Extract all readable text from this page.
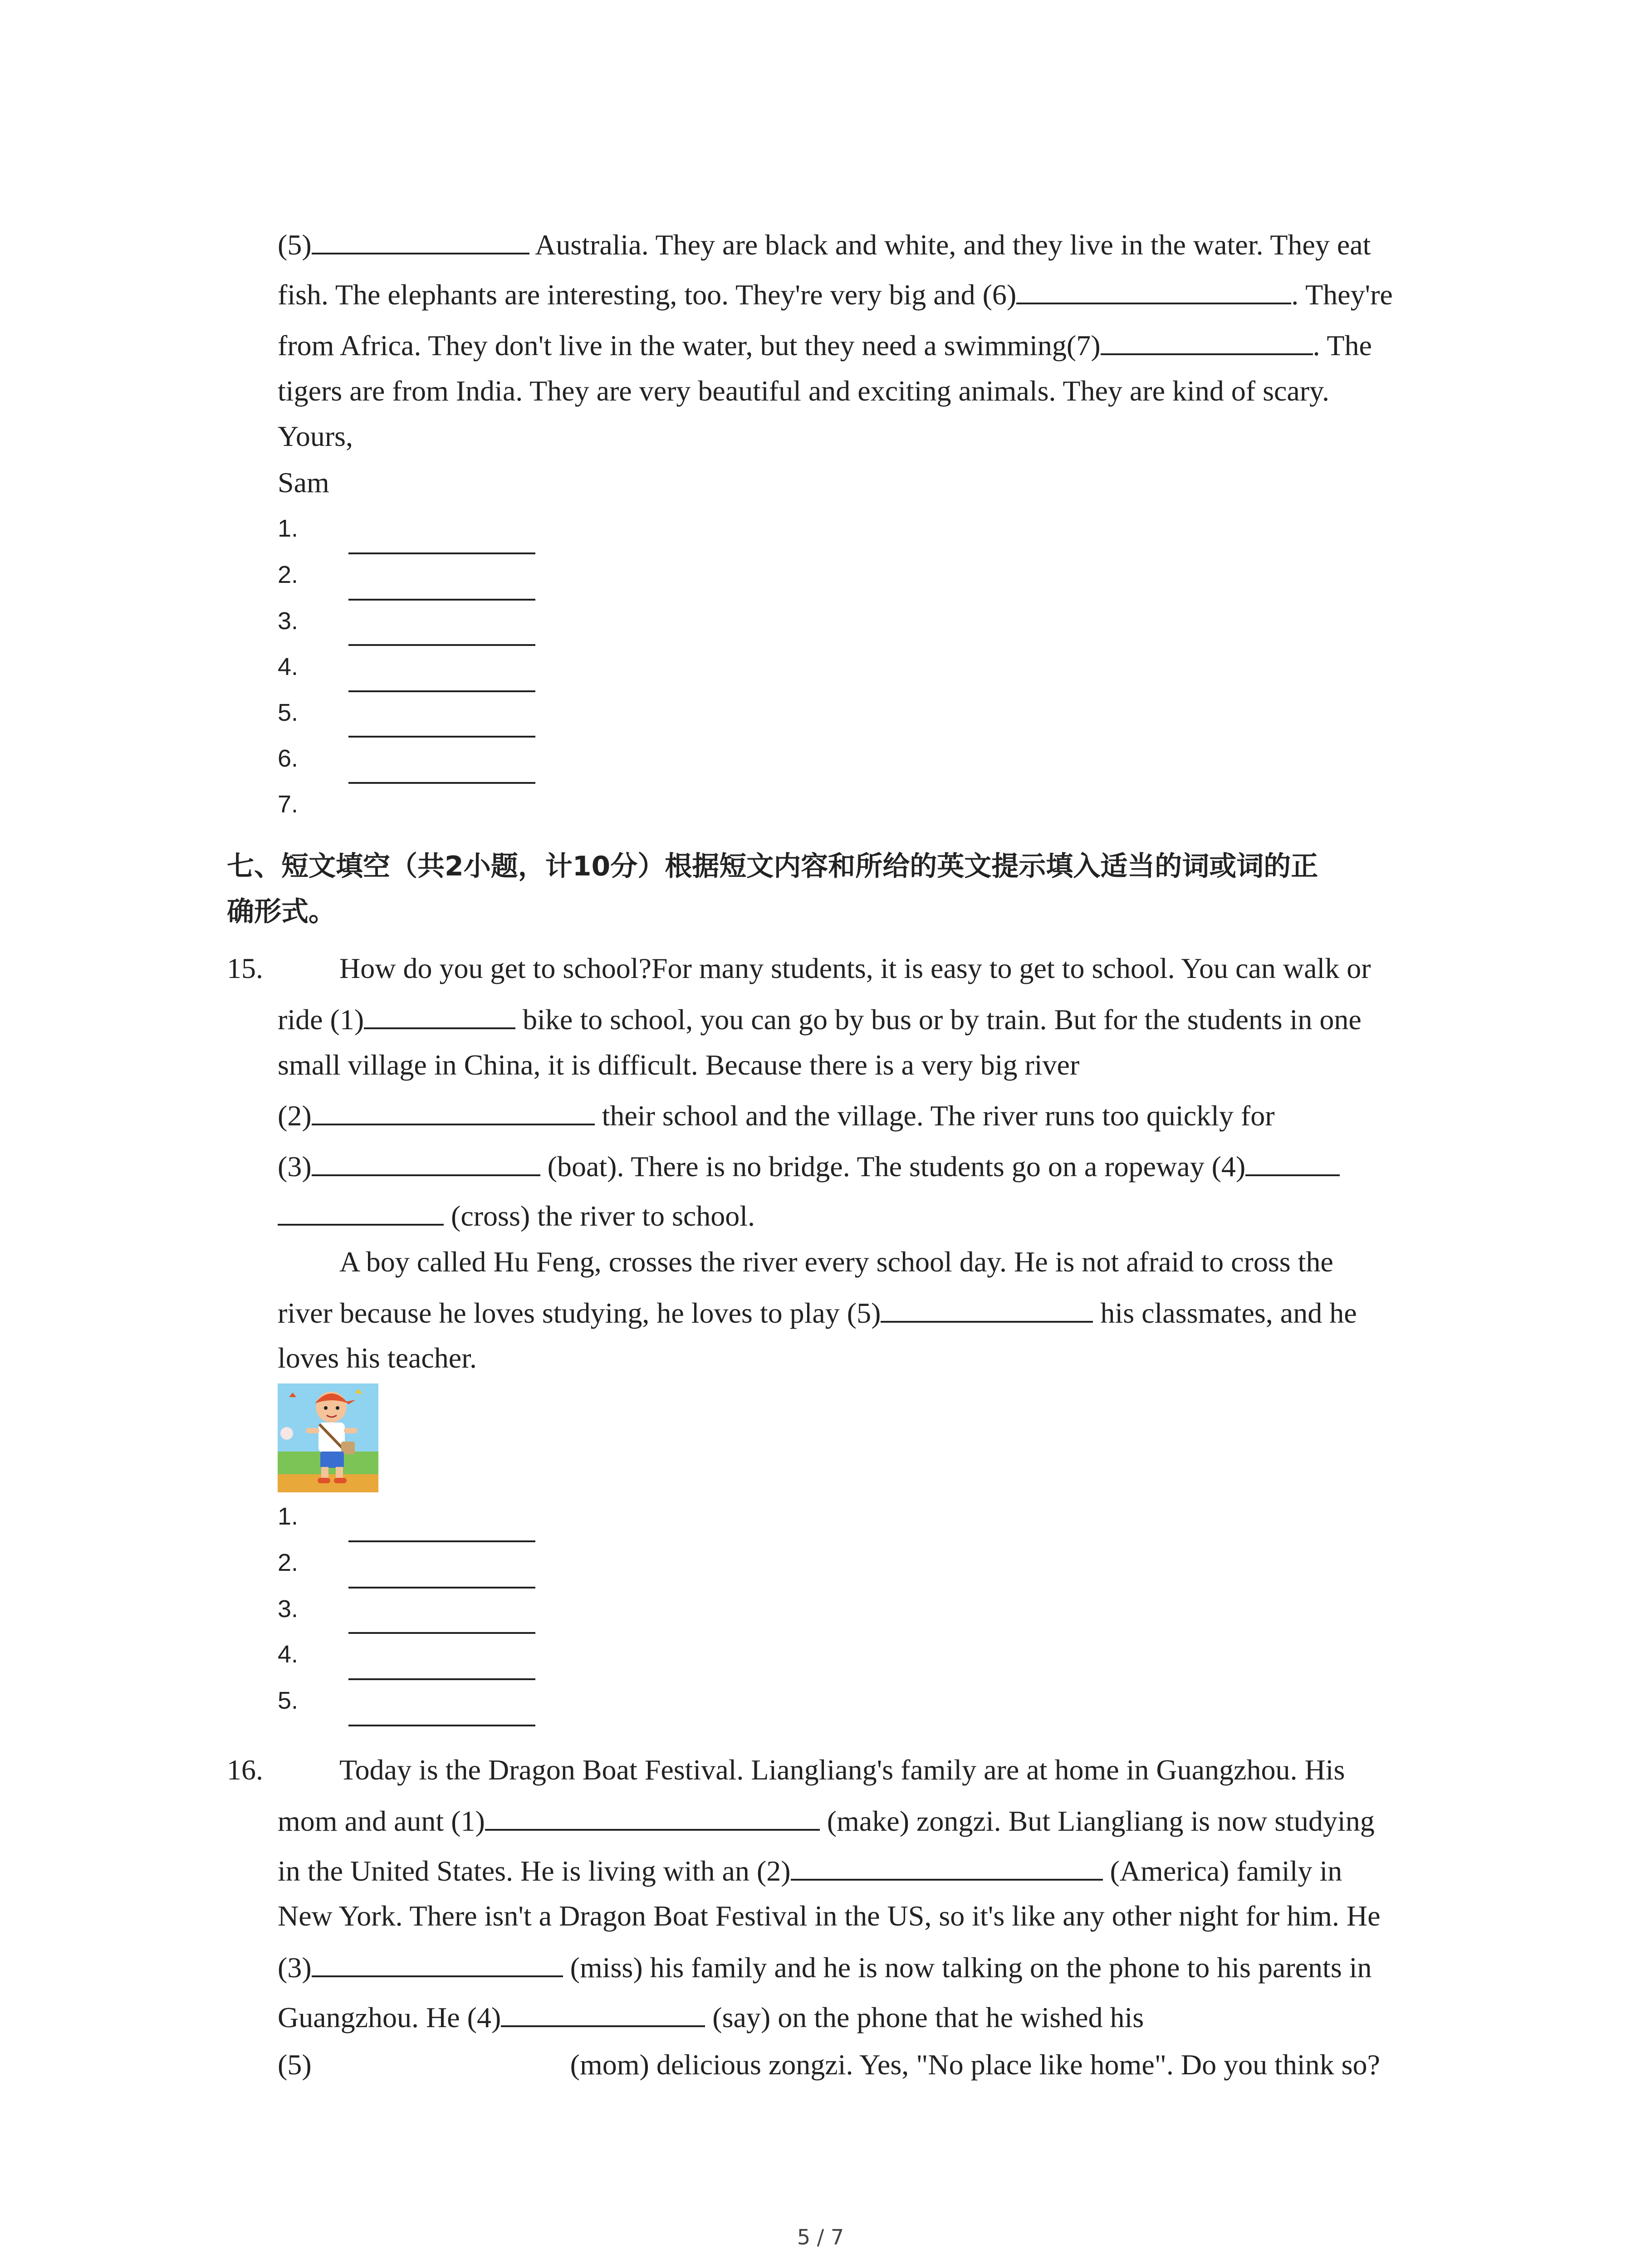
(5)	Australia. They are black and white, and they live in the water. They eat
fish. The elephants are interesting, too. They're very big and (6)	. They're
from Africa. They don't live in the water, but they need a swimming(7)	. The
tigers are from India. They are very beautiful and exciting animals. They are kind of scary.
Yours,
Sam
1.
2.
3.
4.
5.
6.
7.
七、短文填空（共2小题，计10分）根据短文内容和所给的英文提示填入适当的词或词的正
确形式。
15.	How do you get to school?For many students, it is easy to get to school. You can walk or
ride (1)	bike to school, you can go by bus or by train. But for the students in one
small village in China, it is difficult. Because there is a very big river
(2)	their school and the village. The river runs too quickly for
(3)	(boat). There is no bridge. The students go on a ropeway (4)
(cross) the river to school.
A boy called Hu Feng, crosses the river every school day. He is not afraid to cross the
river because he loves studying, he loves to play (5)	his classmates, and he
loves his teacher.
1.
2.
3.
4.
5.
16.	Today is the Dragon Boat Festival. Liangliang's family are at home in Guangzhou. His
mom and aunt (1)	(make) zongzi. But Liangliang is now studying
in the United States. He is living with an (2)	(America) family in
New York. There isn't a Dragon Boat Festival in the US, so it's like any other night for him. He
(3)	(miss) his family and he is now talking on the phone to his parents in
Guangzhou. He (4)	(say) on the phone that he wished his
(5)	(mom) delicious zongzi. Yes, "No place like home". Do you think so?
5 / 7
